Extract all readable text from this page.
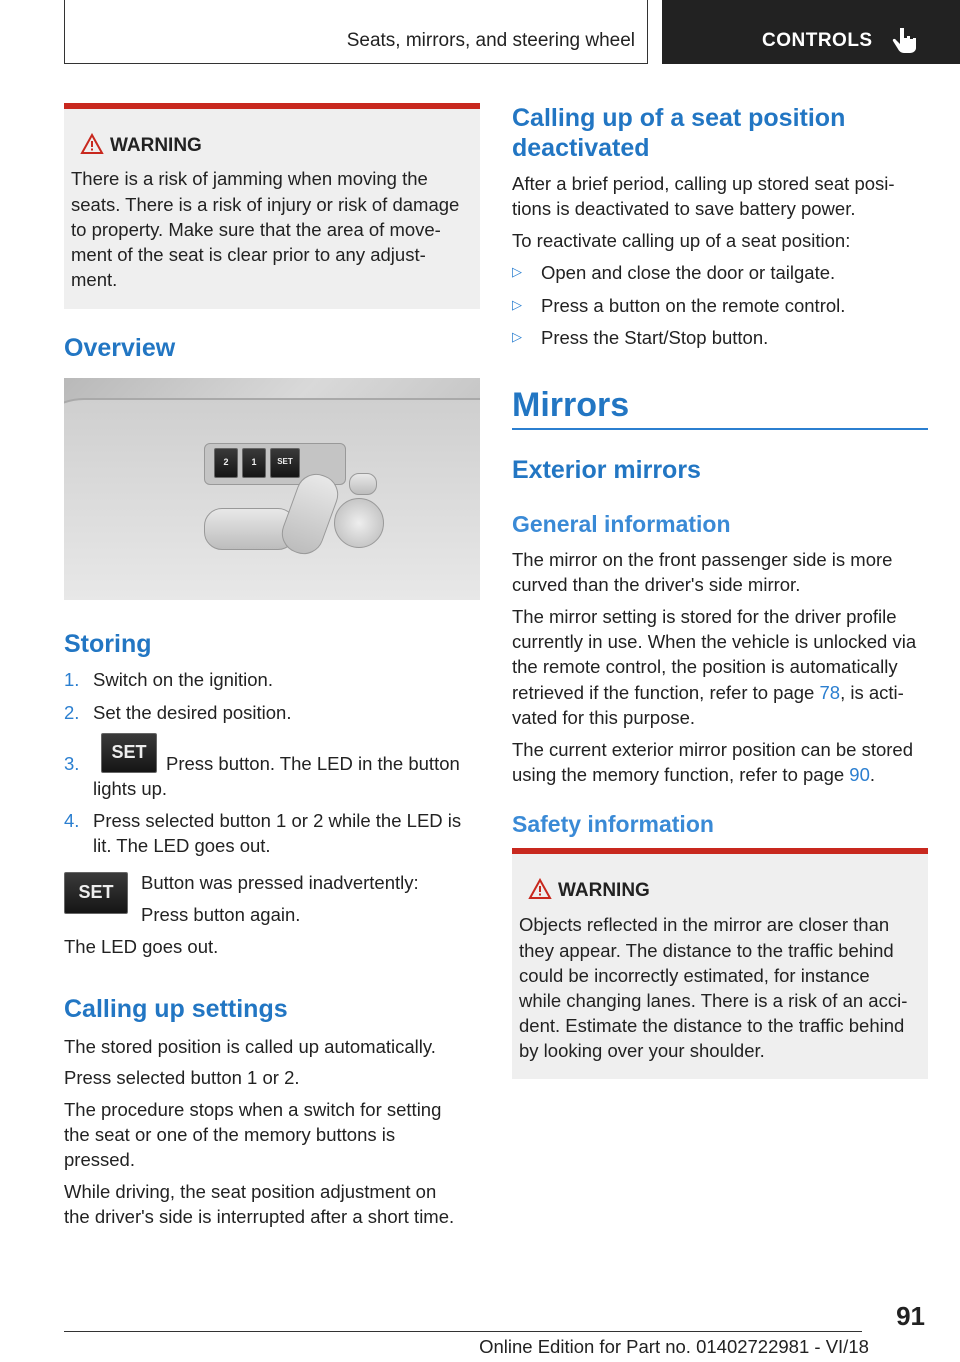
Seats, mirrors, and steering wheel	CONTROLS
WARNING
There is a risk of jamming when moving the
seats. There is a risk of injury or risk of damage
to property. Make sure that the area of move-
ment of the seat is clear prior to any adjust-
ment.
Overview
2	1	SET
Storing
1. Switch on the ignition.
2. Set the desired position.
3.
SET
Press button. The LED in the button
lights up.
4. Press selected button 1 or 2 while the LED is
lit. The LED goes out.
SET	Button was pressed inadvertently:
Press button again.
The LED goes out.
Calling up settings
The stored position is called up automatically.
Press selected button 1 or 2.
The procedure stops when a switch for setting
the seat or one of the memory buttons is
pressed.
While driving, the seat position adjustment on
the driver's side is interrupted after a short time.
Calling up of a seat position
deactivated
After a brief period, calling up stored seat posi-
tions is deactivated to save battery power.
To reactivate calling up of a seat position:
▷ Open and close the door or tailgate.
▷ Press a button on the remote control.
▷ Press the Start/Stop button.
Mirrors
Exterior mirrors
General information
The mirror on the front passenger side is more
curved than the driver's side mirror.
The mirror setting is stored for the driver profile
currently in use. When the vehicle is unlocked via
the remote control, the position is automatically
retrieved if the function, refer to page 78, is acti-
vated for this purpose.
The current exterior mirror position can be stored
using the memory function, refer to page 90.
Safety information
WARNING
Objects reflected in the mirror are closer than
they appear. The distance to the traffic behind
could be incorrectly estimated, for instance
while changing lanes. There is a risk of an acci-
dent. Estimate the distance to the traffic behind
by looking over your shoulder.
91
Online Edition for Part no. 01402722981 - VI/18
